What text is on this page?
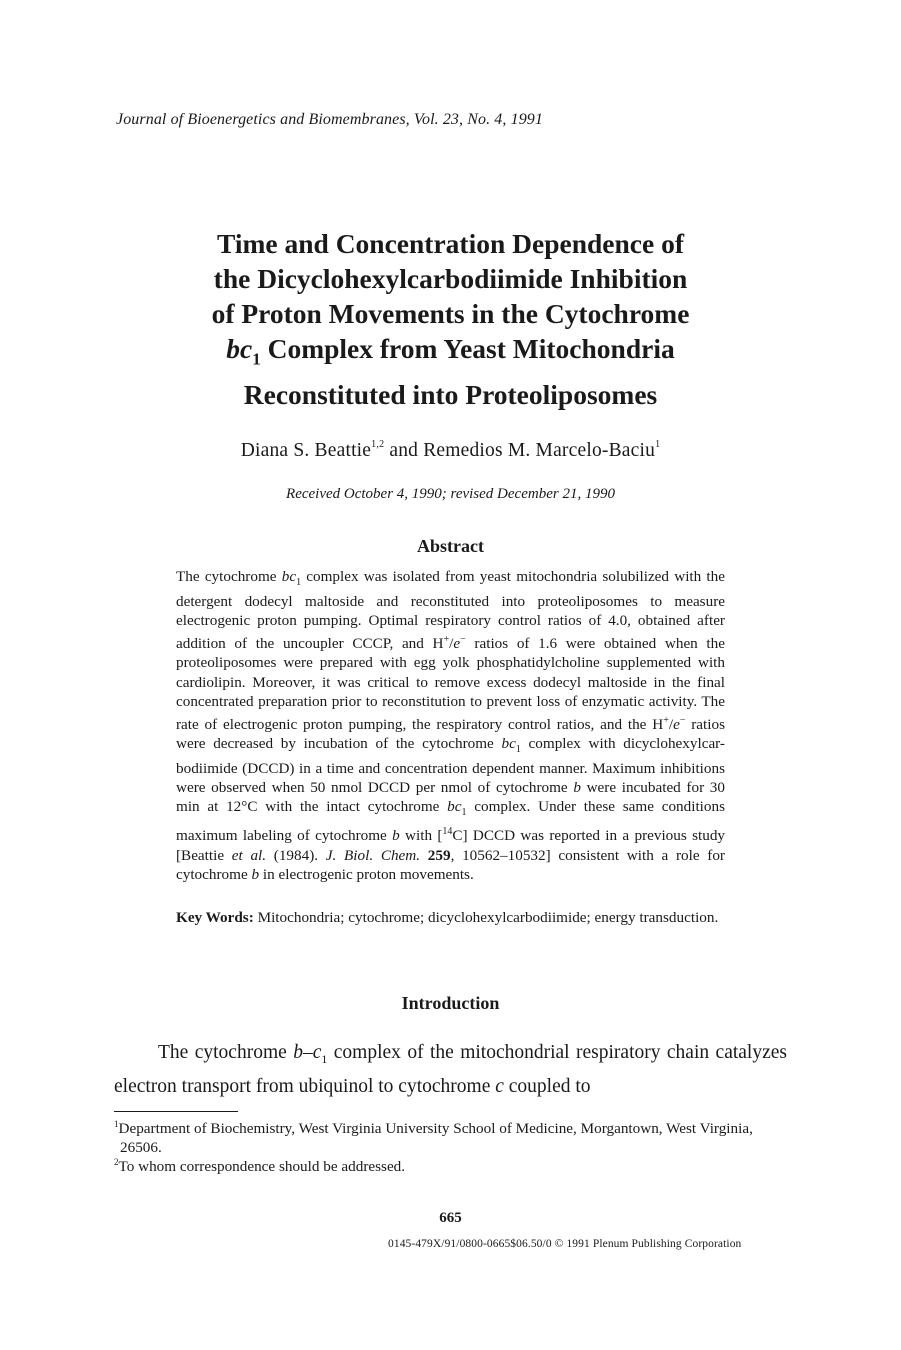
Journal of Bioenergetics and Biomembranes, Vol. 23, No. 4, 1991
Time and Concentration Dependence of
the Dicyclohexylcarbodiimide Inhibition
of Proton Movements in the Cytochrome
$bc_1$ Complex from Yeast Mitochondria
Reconstituted into Proteoliposomes
Diana S. Beattie$^{1,2}$ and Remedios M. Marcelo-Baciu$^1$
Received October 4, 1990; revised December 21, 1990
Abstract
The cytochrome $bc_1$ complex was isolated from yeast mitochondria solubilized with the detergent dodecyl maltoside and reconstituted into proteoliposomes to measure electrogenic proton pumping. Optimal respiratory control ratios of 4.0, obtained after addition of the uncoupler CCCP, and H+/e− ratios of 1.6 were obtained when the proteoliposomes were prepared with egg yolk phosphatidylcholine supplemented with cardiolipin. Moreover, it was critical to remove excess dodecyl maltoside in the final concentrated preparation prior to reconstitution to prevent loss of enzymatic activity. The rate of electrogenic proton pumping, the respiratory control ratios, and the H+/e− ratios were decreased by incubation of the cytochrome $bc_1$ complex with dicyclohexylcar-bodiimide (DCCD) in a time and concentration dependent manner. Maximum inhibitions were observed when 50 nmol DCCD per nmol of cytochrome b were incubated for 30 min at 12°C with the intact cytochrome $bc_1$ complex. Under these same conditions maximum labeling of cytochrome b with [$^{14}$C] DCCD was reported in a previous study [Beattie et al. (1984). J. Biol. Chem. 259, 10562–10532] consistent with a role for cytochrome b in electrogenic proton movements.
Key Words: Mitochondria; cytochrome; dicyclohexylcarbodiimide; energy transduction.
Introduction
The cytochrome $b-c_1$ complex of the mitochondrial respiratory chain catalyzes electron transport from ubiquinol to cytochrome c coupled to
$^1$Department of Biochemistry, West Virginia University School of Medicine, Morgantown, West Virginia, 26506.
$^2$To whom correspondence should be addressed.
665
0145-479X/91/0800-0665$06.50/0 © 1991 Plenum Publishing Corporation
